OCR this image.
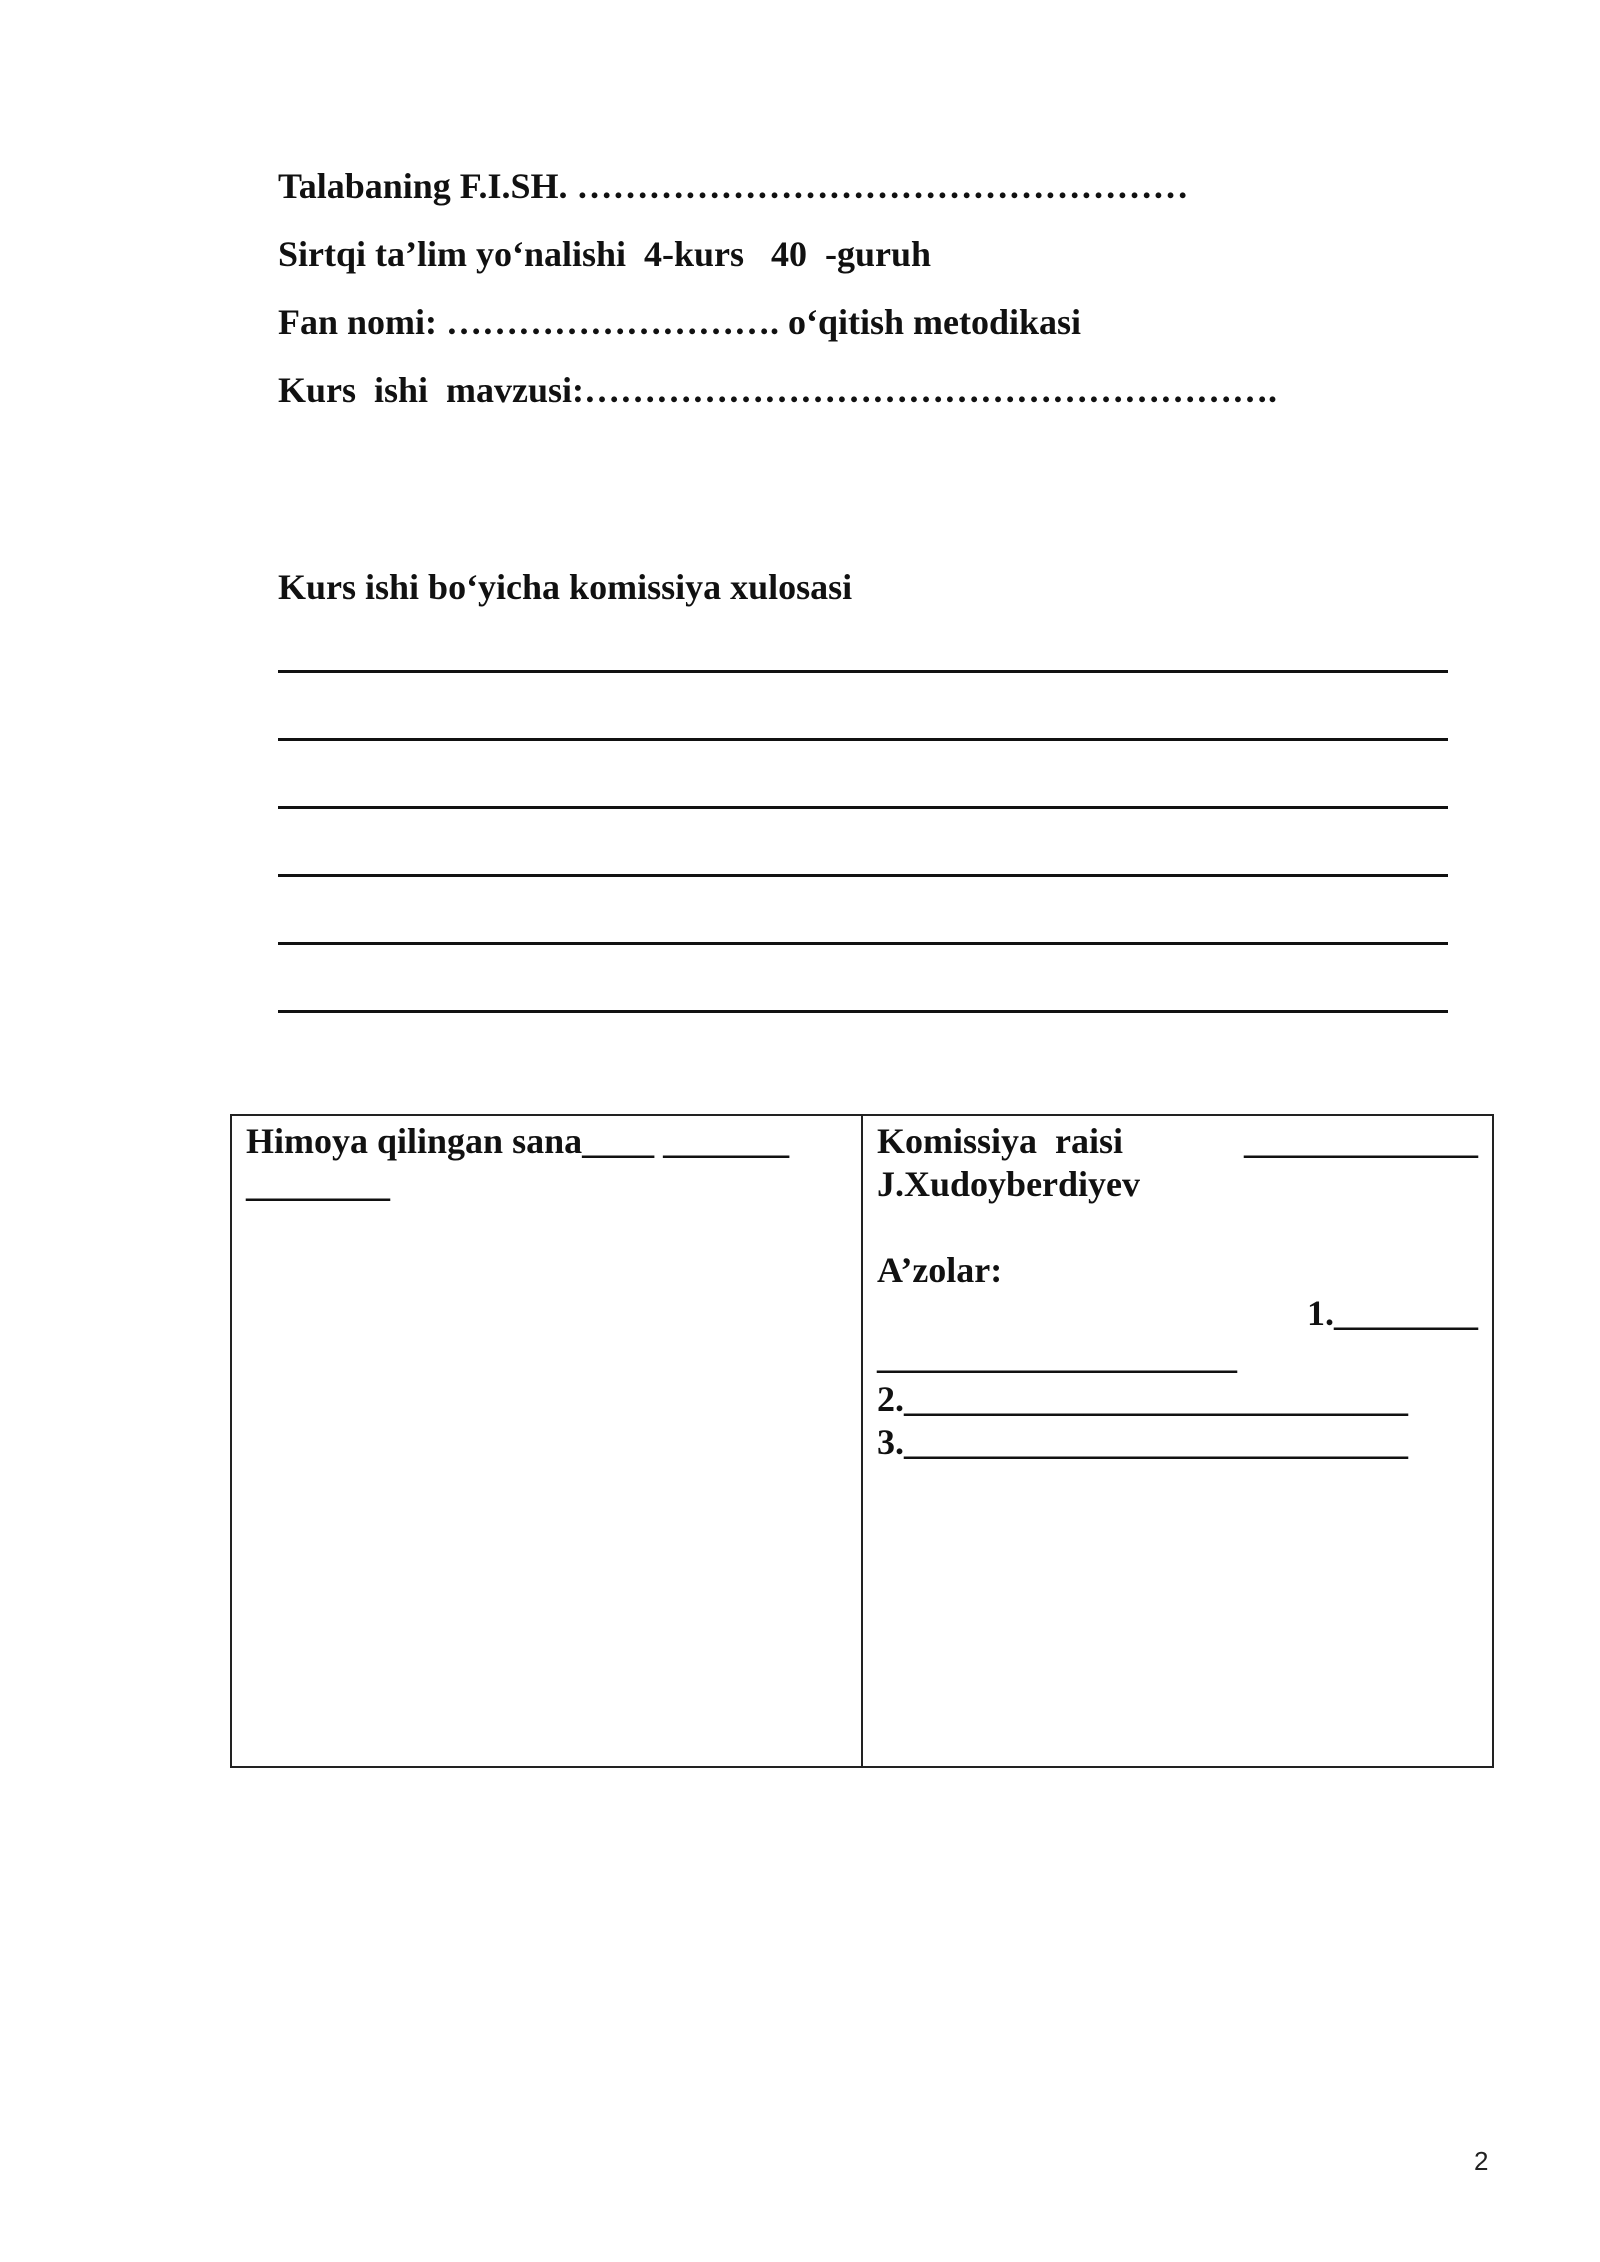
Talabaning F.I.SH. ……………………………………………

Sirtqi ta’lim yo‘nalishi  4-kurs   40  -guruh

Fan nomi: ………………………. o‘qitish metodikasi

Kurs  ishi  mavzusi:………………………………………………….

Kurs ishi bo‘yicha komissiya xulosasi

Himoya qilingan sana____ _______
________
Komissiya  raisi	_____________
J.Xudoyberdiyev
A’zolar:
1.________
____________________
2.____________________________
3.____________________________
2
